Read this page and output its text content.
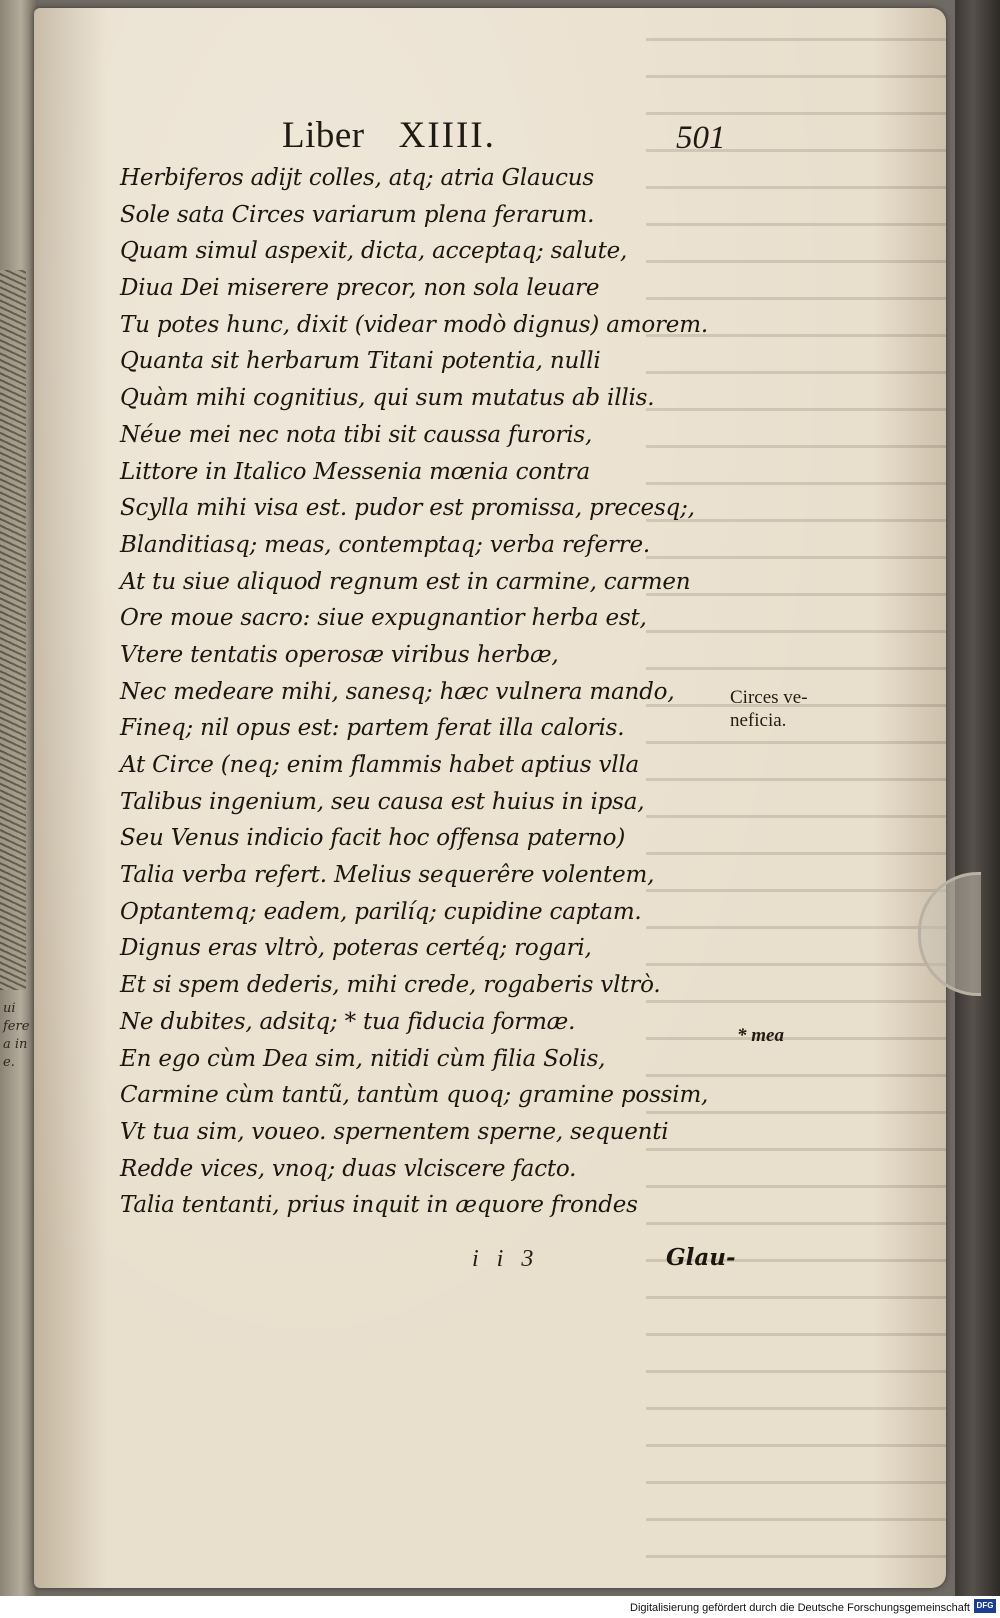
ui fere
a in
e.
Liber XIIII.	501
Herbiferos adijt colles, atq; atria Glaucus
Sole sata Circes variarum plena ferarum.
Quam simul aspexit, dicta, acceptaq; salute,
Diua Dei miserere precor, non sola leuare
Tu potes hunc, dixit (videar modò dignus) amorem.
Quanta sit herbarum Titani potentia, nulli
Quàm mihi cognitius, qui sum mutatus ab illis.
Néue mei nec nota tibi sit caussa furoris,
Littore in Italico Messenia mœnia contra
Scylla mihi visa est. pudor est promissa, precesq;,
Blanditiasq; meas, contemptaq; verba referre.
At tu siue aliquod regnum est in carmine, carmen
Ore moue sacro: siue expugnantior herba est,
Vtere tentatis operosæ viribus herbæ,
Nec medeare mihi, sanesq; hæc vulnera mando,
Fineq; nil opus est: partem ferat illa caloris.
At Circe (neq; enim flammis habet aptius vlla
Talibus ingenium, seu causa est huius in ipsa,
Seu Venus indicio facit hoc offensa paterno)
Talia verba refert. Melius sequerêre volentem,
Optantemq; eadem, parilíq; cupidine captam.
Dignus eras vltrò, poteras certéq; rogari,
Et si spem dederis, mihi crede, rogaberis vltrò.
Ne dubites, adsitq; * tua fiducia formæ.
En ego cùm Dea sim, nitidi cùm filia Solis,
Carmine cùm tantũ, tantùm quoq; gramine possim,
Vt tua sim, voueo. spernentem sperne, sequenti
Redde vices, vnoq; duas vlciscere facto.
Talia tentanti, prius inquit in æquore frondes
Circes ve-
neficia.
* mea
i i 3	Glau-
Digitalisierung gefördert durch die Deutsche Forschungsgemeinschaft DFG
